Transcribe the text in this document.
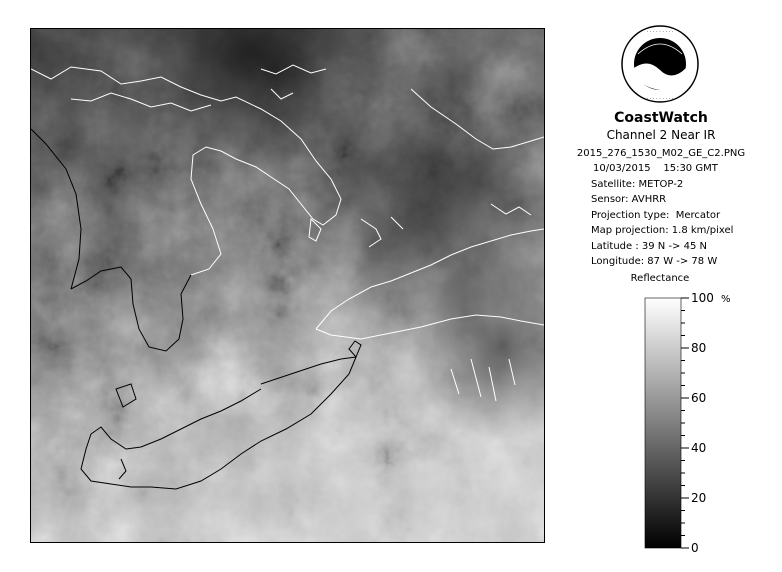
· · · · · · · · ·
· · · · · · · · ·
CoastWatch
Channel 2 Near IR
2015_276_1530_M02_GE_C2.PNG
10/03/2015    15:30 GMT
Satellite: METOP-2
Sensor: AVHRR
Projection type:  Mercator
Map projection: 1.8 km/pixel
Latitude : 39 N -> 45 N
Longitude: 87 W -> 78 W
Reflectance
100
80
60
40
20
0
%
